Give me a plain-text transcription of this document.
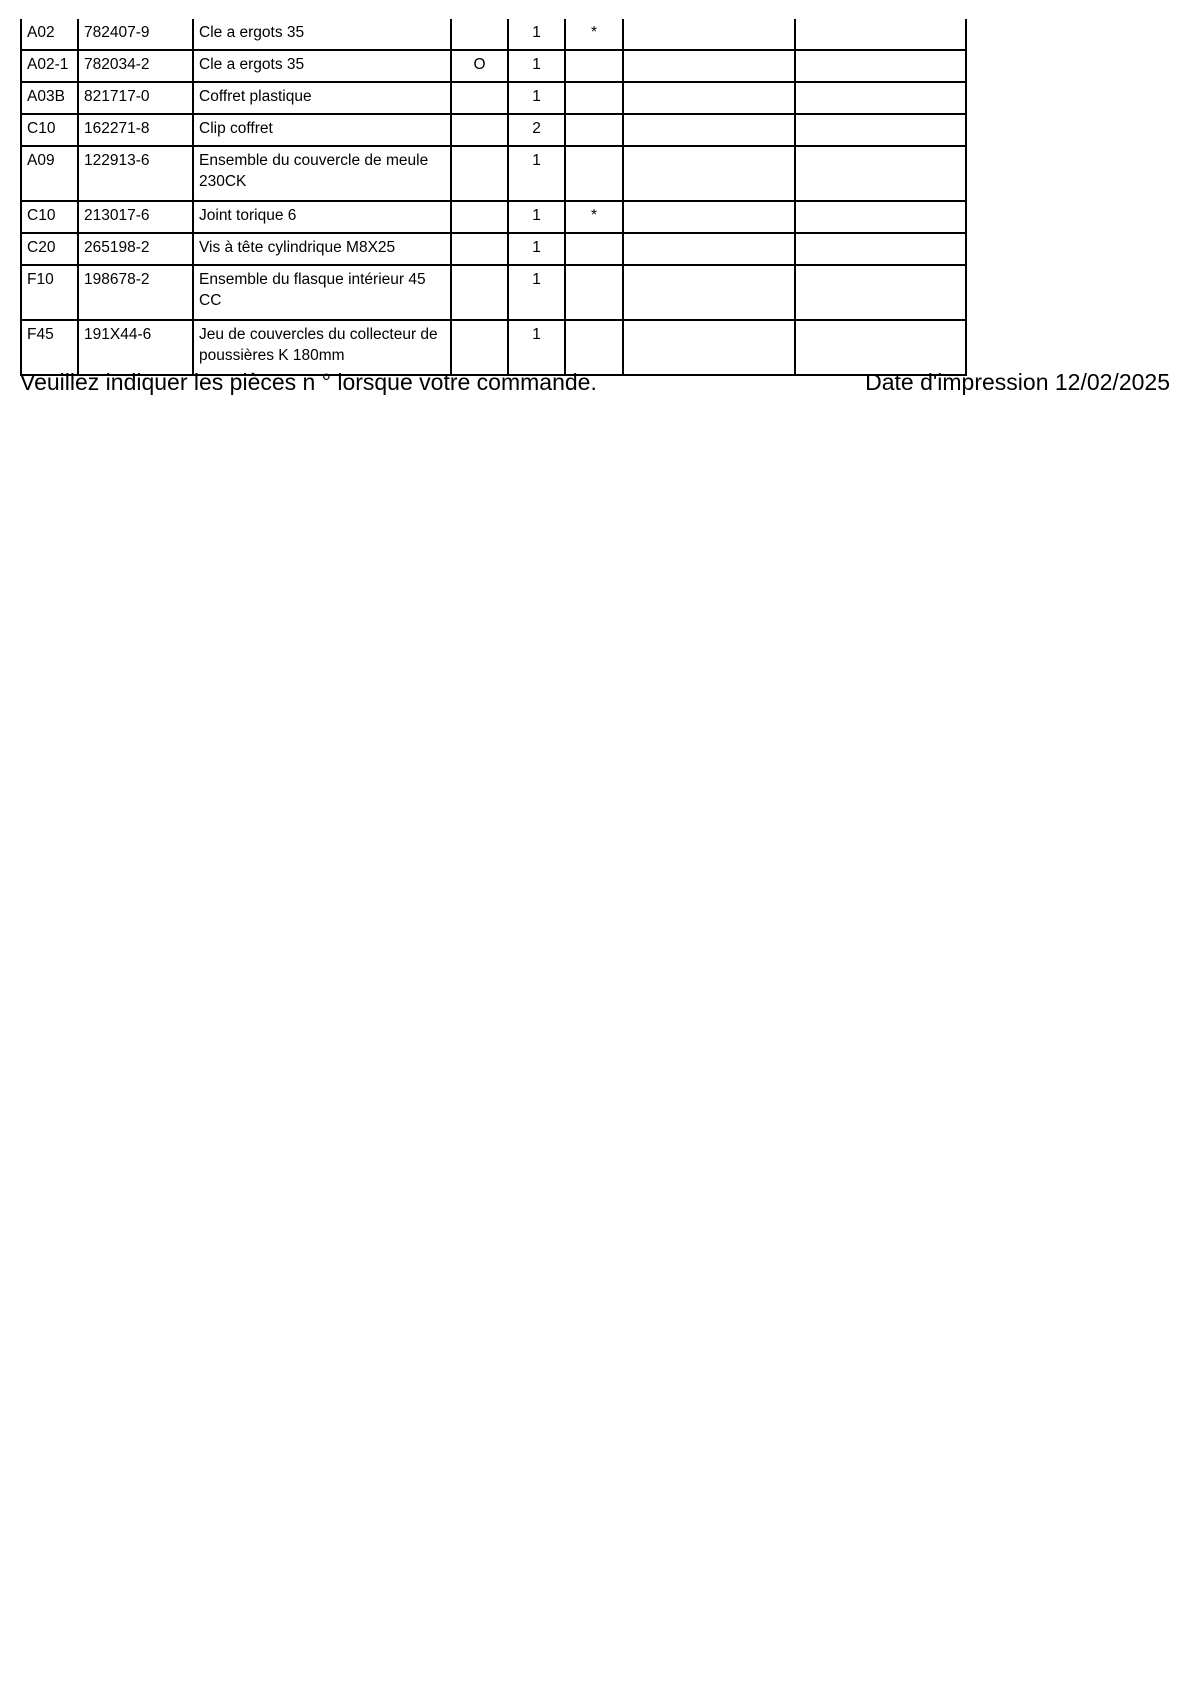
A02	782407-9	Cle a ergots 35		1	*		
A02-1	782034-2	Cle a ergots 35	O	1			
A03B	821717-0	Coffret plastique		1			
C10	162271-8	Clip coffret		2			
A09	122913-6	Ensemble du couvercle de meule 230CK		1			
C10	213017-6	Joint torique 6		1	*		
C20	265198-2	Vis à tête cylindrique M8X25		1			
F10	198678-2	Ensemble du flasque intérieur 45 CC		1			
F45	191X44-6	Jeu de couvercles du collecteur de poussières K 180mm		1			
Veuillez indiquer les pièces n ° lorsque votre commande.	Date d'impression 12/02/2025
